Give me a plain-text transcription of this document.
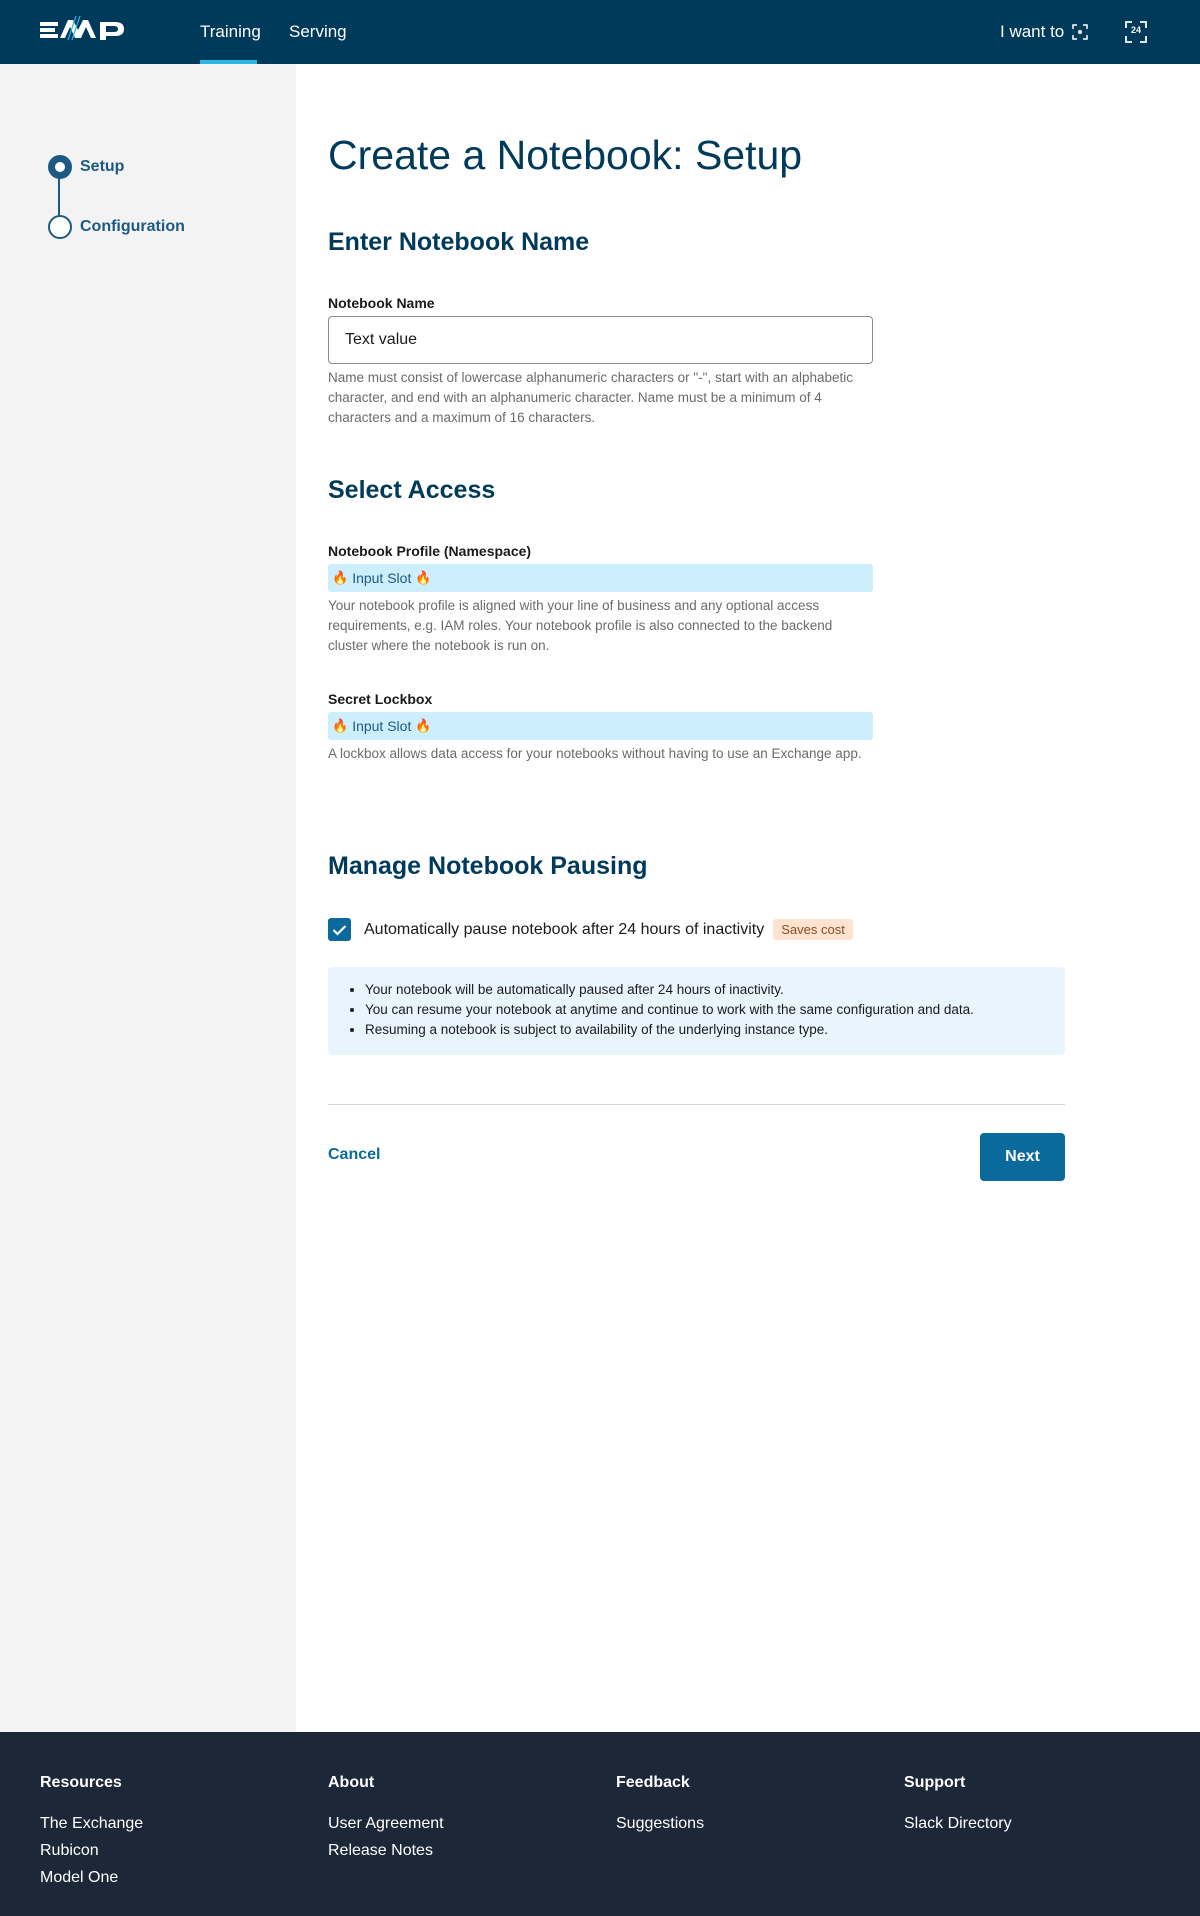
Training Serving	I want to	24
Setup
Configuration
Create a Notebook: Setup
Enter Notebook Name
Notebook Name
Text value
Name must consist of lowercase alphanumeric characters or "-", start with an alphabetic character, and end with an alphanumeric character. Name must be a minimum of 4 characters and a maximum of 16 characters.
Select Access
Notebook Profile (Namespace)
🔥 Input Slot 🔥
Your notebook profile is aligned with your line of business and any optional access requirements, e.g. IAM roles. Your notebook profile is also connected to the backend cluster where the notebook is run on.
Secret Lockbox
🔥 Input Slot 🔥
A lockbox allows data access for your notebooks without having to use an Exchange app.
Manage Notebook Pausing
Automatically pause notebook after 24 hours of inactivity	Saves cost
• Your notebook will be automatically paused after 24 hours of inactivity.
• You can resume your notebook at anytime and continue to work with the same configuration and data.
• Resuming a notebook is subject to availability of the underlying instance type.
Cancel	Next
Resources
The Exchange
Rubicon
Model One
About
User Agreement
Release Notes
Feedback
Suggestions
Support
Slack Directory
